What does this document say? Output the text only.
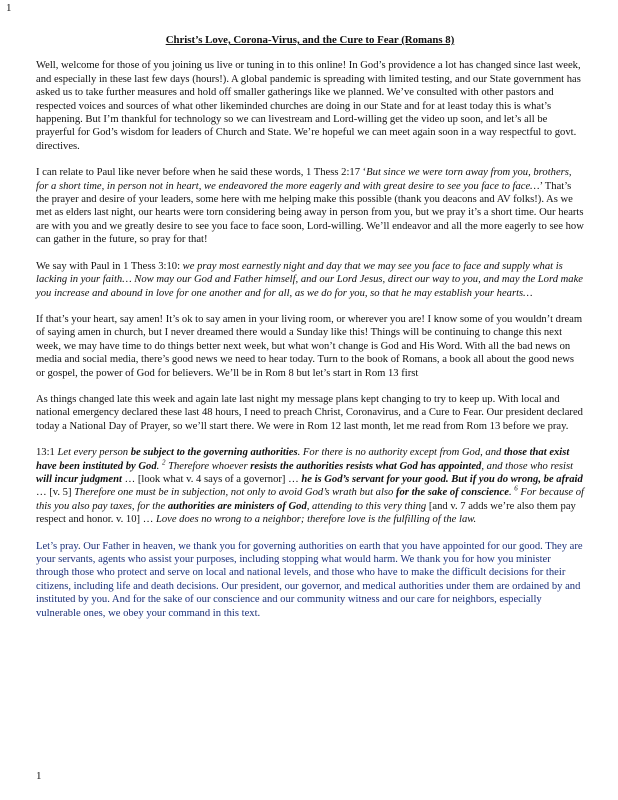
1
Christ’s Love, Corona-Virus, and the Cure to Fear (Romans 8)

Well, welcome for those of you joining us live or tuning in to this online! In God’s providence a lot has changed since last week, and especially in these last few days (hours!). A global pandemic is spreading with limited testing, and our State government has asked us to take further measures and hold off smaller gatherings like we planned. We’ve consulted with other pastors and respected voices and sources of what other likeminded churches are doing in our State and for at least today this is what’s happening. But I’m thankful for technology so we can livestream and Lord-willing get the video up soon, and let’s all be prayerful for God’s wisdom for leaders of Church and State. We’re hopeful we can meet again soon in a way respectful to govt. directives.

I can relate to Paul like never before when he said these words, 1 Thess 2:17 ‘But since we were torn away from you, brothers, for a short time, in person not in heart, we endeavored the more eagerly and with great desire to see you face to face…’ That’s the prayer and desire of your leaders, some here with me helping make this possible (thank you deacons and AV folks!). As we met as elders last night, our hearts were torn considering being away in person from you, but we pray it’s a short time. Our hearts are with you and we greatly desire to see you face to face soon, Lord-willing. We’ll endeavor and all the more eagerly to see how can gather in the future, so pray for that!

We say with Paul in 1 Thess 3:10: we pray most earnestly night and day that we may see you face to face and supply what is lacking in your faith… Now may our God and Father himself, and our Lord Jesus, direct our way to you, and may the Lord make you increase and abound in love for one another and for all, as we do for you, so that he may establish your hearts…

If that’s your heart, say amen! It’s ok to say amen in your living room, or wherever you are! I know some of you wouldn’t dream of saying amen in church, but I never dreamed there would a Sunday like this! Things will be continuing to change this next week, we may have time to do things better next week, but what won’t change is God and His Word. With all the bad news on media and social media, there’s good news we need to hear today. Turn to the book of Romans, a book all about the good news or gospel, the power of God for believers. We’ll be in Rom 8 but let’s start in Rom 13 first

As things changed late this week and again late last night my message plans kept changing to try to keep up. With local and national emergency declared these last 48 hours, I need to preach Christ, Coronavirus, and a Cure to Fear. Our president declared today a National Day of Prayer, so we’ll start there. We were in Rom 12 last month, let me read from Rom 13 before we pray.

13:1 Let every person be subject to the governing authorities. For there is no authority except from God, and those that exist have been instituted by God. $^2$ Therefore whoever resists the authorities resists what God has appointed, and those who resist will incur judgment … [look what v. 4 says of a governor] … he is God’s servant for your good. But if you do wrong, be afraid … [v. 5] Therefore one must be in subjection, not only to avoid God’s wrath but also for the sake of conscience. $^6$ For because of this you also pay taxes, for the authorities are ministers of God, attending to this very thing [and v. 7 adds we’re also them pay respect and honor. v. 10] … Love does no wrong to a neighbor; therefore love is the fulfilling of the law.

Let’s pray. Our Father in heaven, we thank you for governing authorities on earth that you have appointed for our good. They are your servants, agents who assist your purposes, including stopping what would harm. We thank you for how you minister through those who protect and serve on local and national levels, and those who have to make the difficult decisions for their citizens, including life and death decisions. Our president, our governor, and medical authorities under them are ordained by and instituted by you. And for the sake of our conscience and our community witness and our care for neighbors, especially vulnerable ones, we obey your command in this text.

1
